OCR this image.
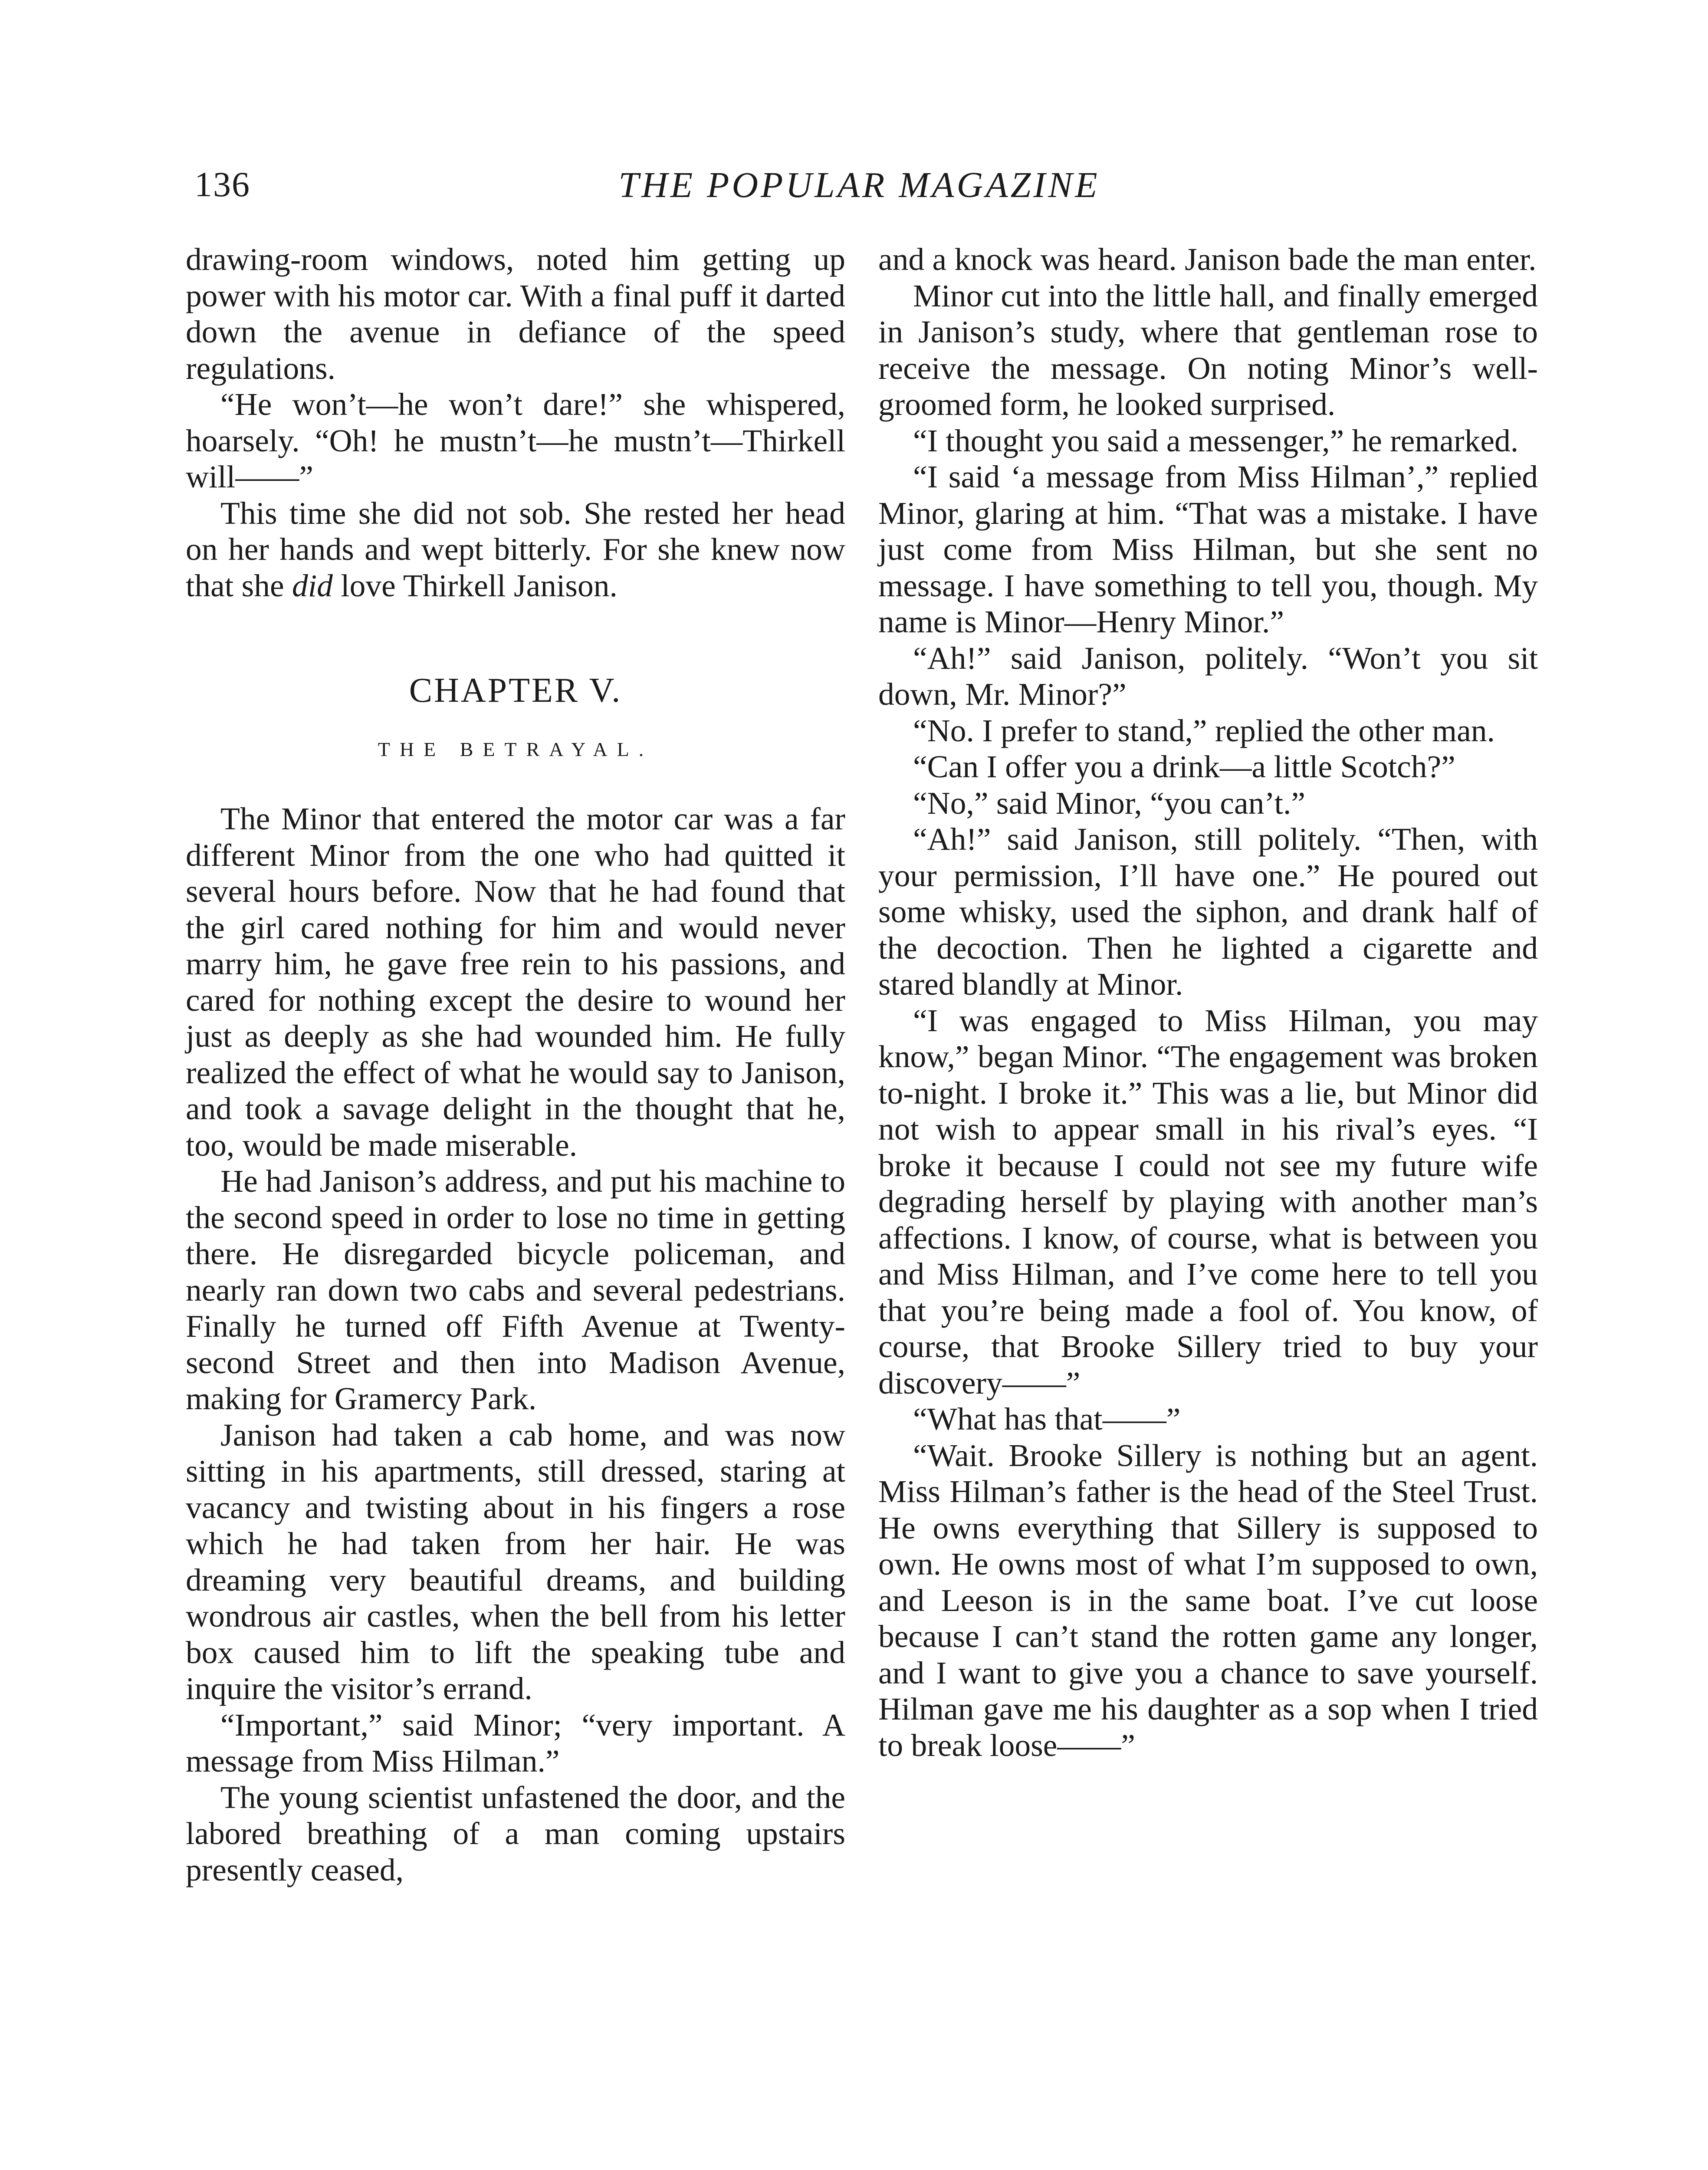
136	THE POPULAR MAGAZINE

drawing-room windows, noted him getting up power with his motor car. With a final puff it darted down the avenue in defiance of the speed regulations.

“He won’t—he won’t dare!” she whispered, hoarsely. “Oh! he mustn’t—he mustn’t—Thirkell will——”

This time she did not sob. She rested her head on her hands and wept bitterly. For she knew now that she did love Thirkell Janison.

CHAPTER V.
THE BETRAYAL.

The Minor that entered the motor car was a far different Minor from the one who had quitted it several hours before. Now that he had found that the girl cared nothing for him and would never marry him, he gave free rein to his passions, and cared for nothing except the desire to wound her just as deeply as she had wounded him. He fully realized the effect of what he would say to Janison, and took a savage delight in the thought that he, too, would be made miserable.

He had Janison’s address, and put his machine to the second speed in order to lose no time in getting there. He disregarded bicycle policeman, and nearly ran down two cabs and several pedestrians. Finally he turned off Fifth Avenue at Twenty-second Street and then into Madison Avenue, making for Gramercy Park.

Janison had taken a cab home, and was now sitting in his apartments, still dressed, staring at vacancy and twisting about in his fingers a rose which he had taken from her hair. He was dreaming very beautiful dreams, and building wondrous air castles, when the bell from his letter box caused him to lift the speaking tube and inquire the visitor’s errand.

“Important,” said Minor; “very important. A message from Miss Hilman.”

The young scientist unfastened the door, and the labored breathing of a man coming upstairs presently ceased,

and a knock was heard. Janison bade the man enter.

Minor cut into the little hall, and finally emerged in Janison’s study, where that gentleman rose to receive the message. On noting Minor’s well-groomed form, he looked surprised.

“I thought you said a messenger,” he remarked.

“I said ‘a message from Miss Hilman’,” replied Minor, glaring at him. “That was a mistake. I have just come from Miss Hilman, but she sent no message. I have something to tell you, though. My name is Minor—Henry Minor.”

“Ah!” said Janison, politely. “Won’t you sit down, Mr. Minor?”

“No. I prefer to stand,” replied the other man.

“Can I offer you a drink—a little Scotch?”

“No,” said Minor, “you can’t.”

“Ah!” said Janison, still politely. “Then, with your permission, I’ll have one.” He poured out some whisky, used the siphon, and drank half of the decoction. Then he lighted a cigarette and stared blandly at Minor.

“I was engaged to Miss Hilman, you may know,” began Minor. “The engagement was broken to-night. I broke it.” This was a lie, but Minor did not wish to appear small in his rival’s eyes. “I broke it because I could not see my future wife degrading herself by playing with another man’s affections. I know, of course, what is between you and Miss Hilman, and I’ve come here to tell you that you’re being made a fool of. You know, of course, that Brooke Sillery tried to buy your discovery——”

“What has that——”

“Wait. Brooke Sillery is nothing but an agent. Miss Hilman’s father is the head of the Steel Trust. He owns everything that Sillery is supposed to own. He owns most of what I’m supposed to own, and Leeson is in the same boat. I’ve cut loose because I can’t stand the rotten game any longer, and I want to give you a chance to save yourself. Hilman gave me his daughter as a sop when I tried to break loose——”
